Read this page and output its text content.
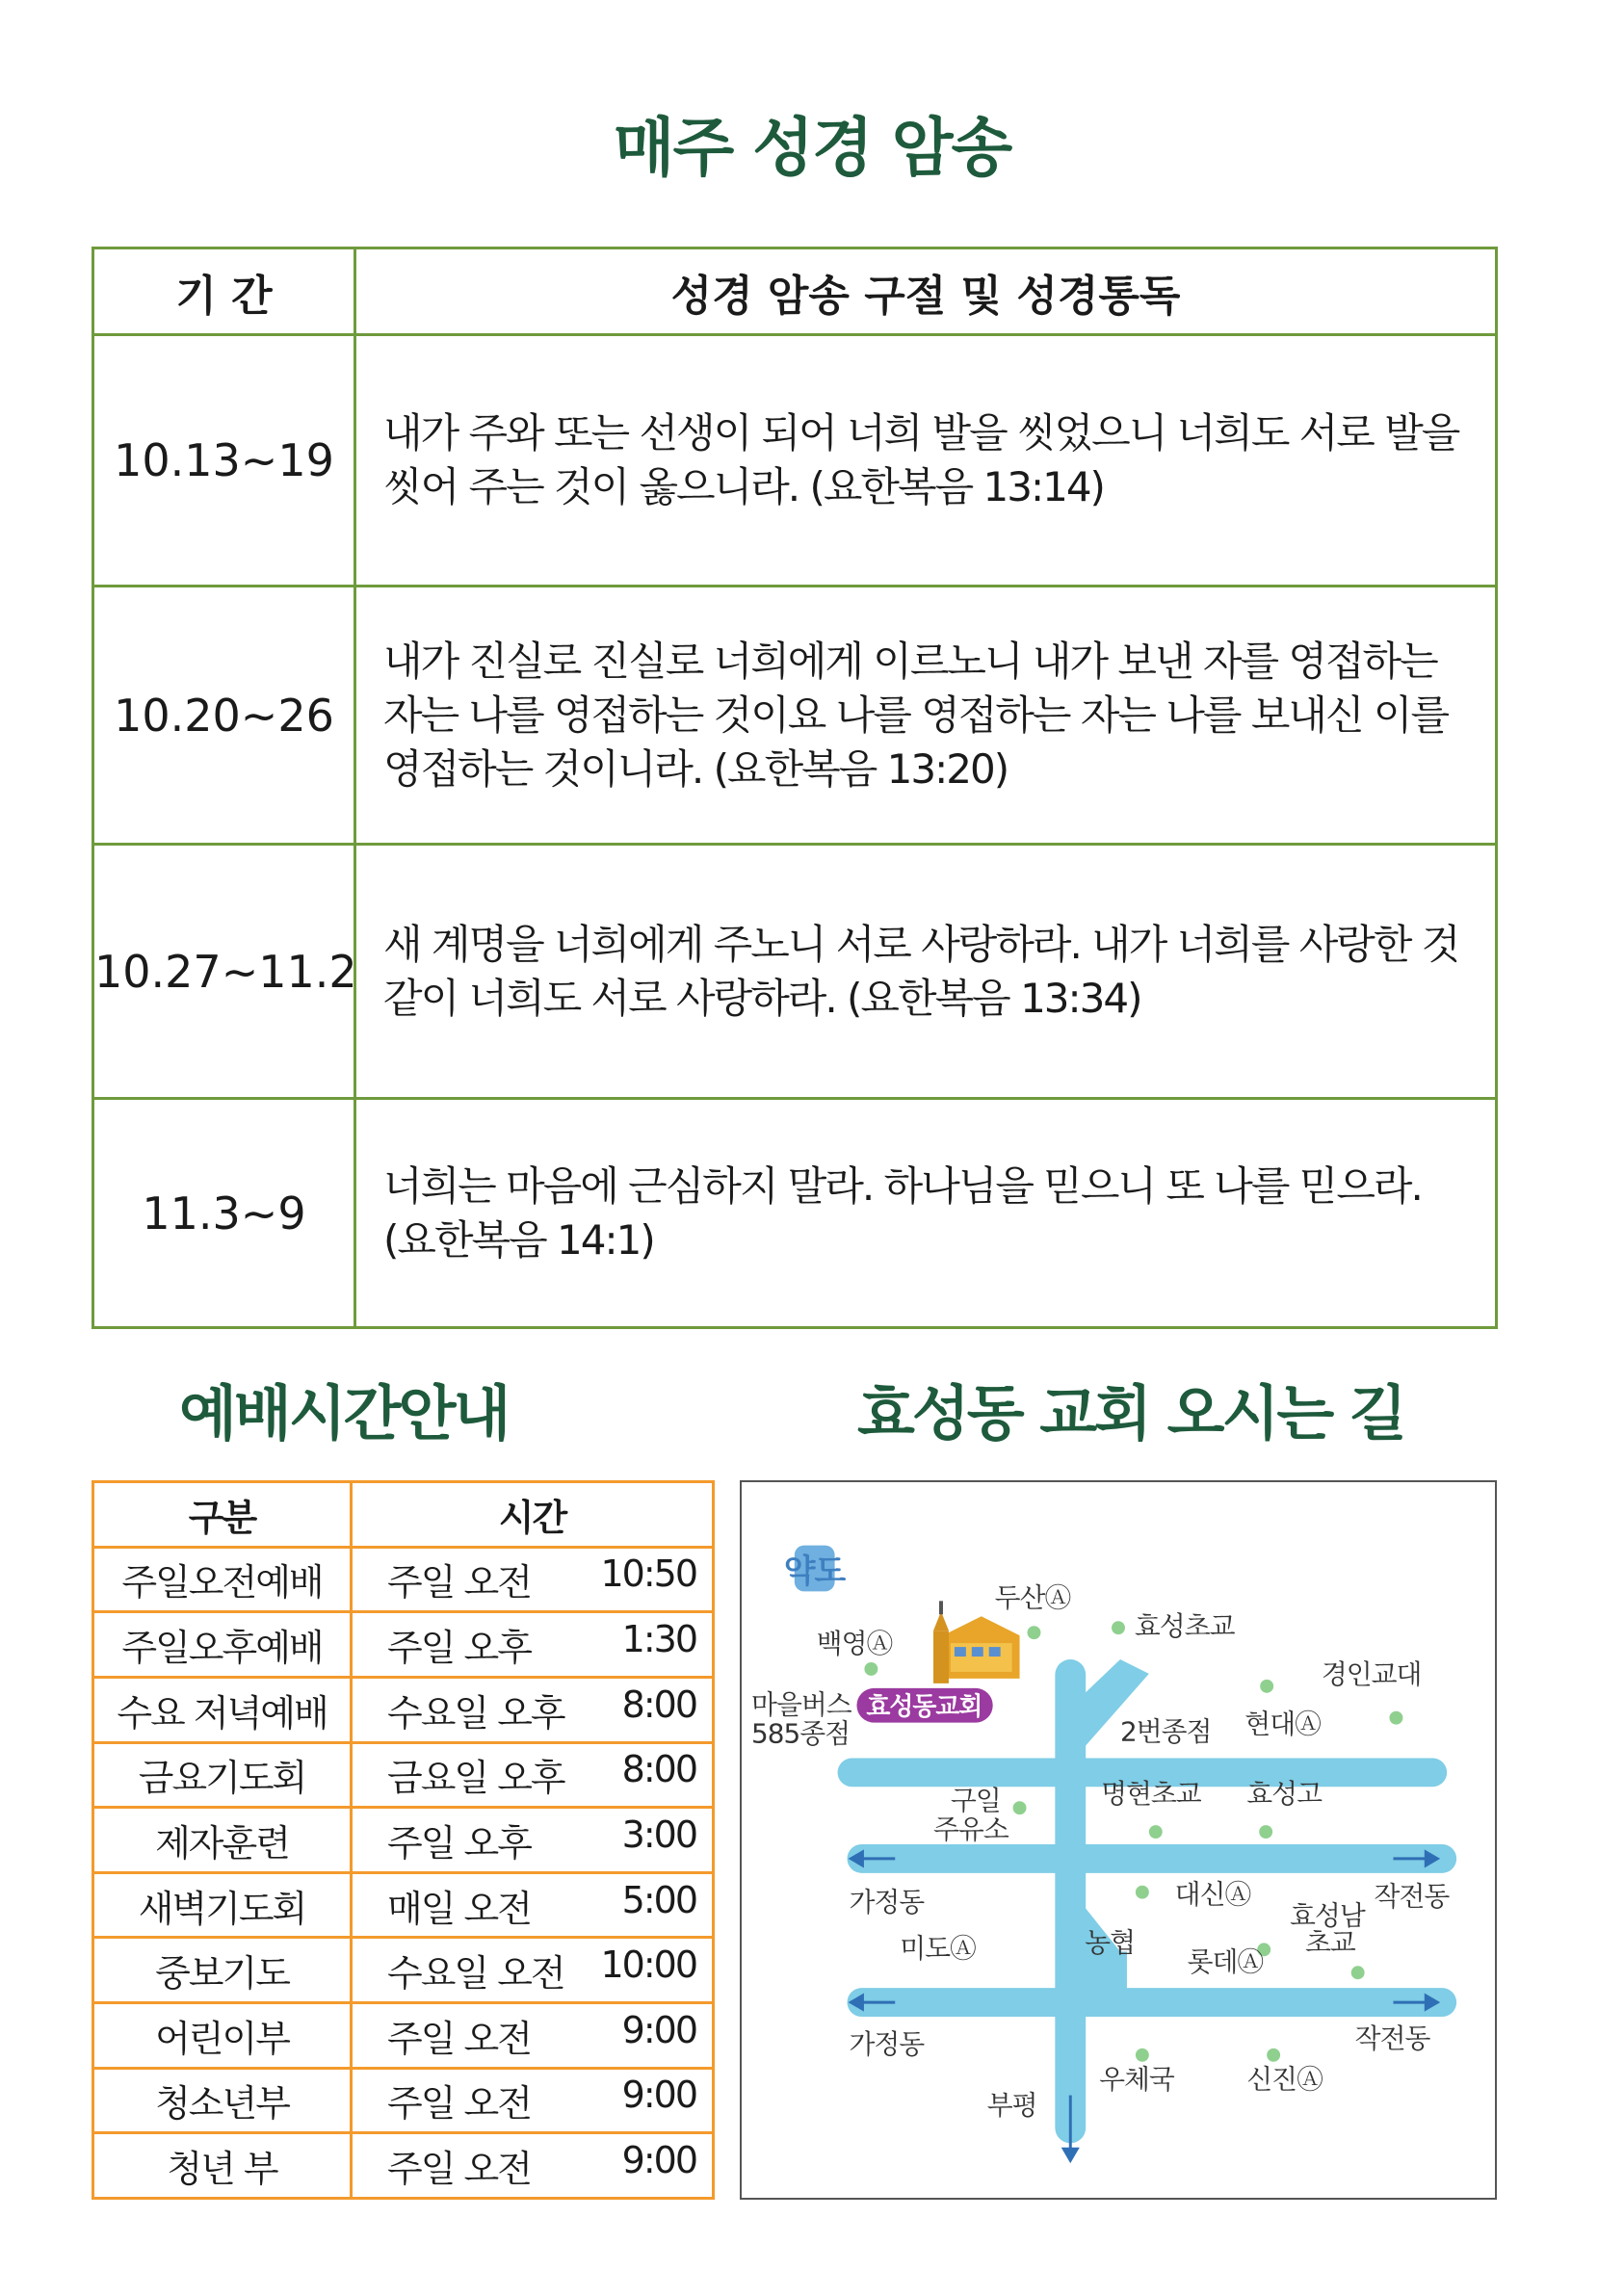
매주 성경 암송
기 간	성경 암송 구절 및 성경통독
10.13~19	내가 주와 또는 선생이 되어 너희 발을 씻었으니 너희도 서로 발을 씻어 주는 것이 옳으니라. (요한복음 13:14)
10.20~26	내가 진실로 진실로 너희에게 이르노니 내가 보낸 자를 영접하는 자는 나를 영접하는 것이요 나를 영접하는 자는 나를 보내신 이를 영접하는 것이니라. (요한복음 13:20)
10.27~11.2	새 계명을 너희에게 주노니 서로 사랑하라. 내가 너희를 사랑한 것 같이 너희도 서로 사랑하라. (요한복음 13:34)
11.3~9	너희는 마음에 근심하지 말라. 하나님을 믿으니 또 나를 믿으라. (요한복음 14:1)
예배시간안내	효성동 교회 오시는 길
구분	시간
주일오전예배	주일 오전 10:50

주일오후예배	주일 오후 1:30

수요 저녁예배	수요일 오후 8:00

금요기도회	금요일 오후 8:00

제자훈련	주일 오후 3:00

새벽기도회	매일 오전 5:00

중보기도	수요일 오전 10:00

어린이부	주일 오전 9:00

청소년부	주일 오전 9:00

청년 부	주일 오전 9:00
약도
효성동교회
두산Ⓐ
효성초교
백영Ⓐ
경인교대
마을버스
585종점	2번종점 현대Ⓐ
구일
주유소
명현초교 효성고
가정동	대신Ⓐ
효성남
초교
작전동
미도Ⓐ	농협
롯데Ⓐ
가정동	작전동
우체국	신진Ⓐ
부평
